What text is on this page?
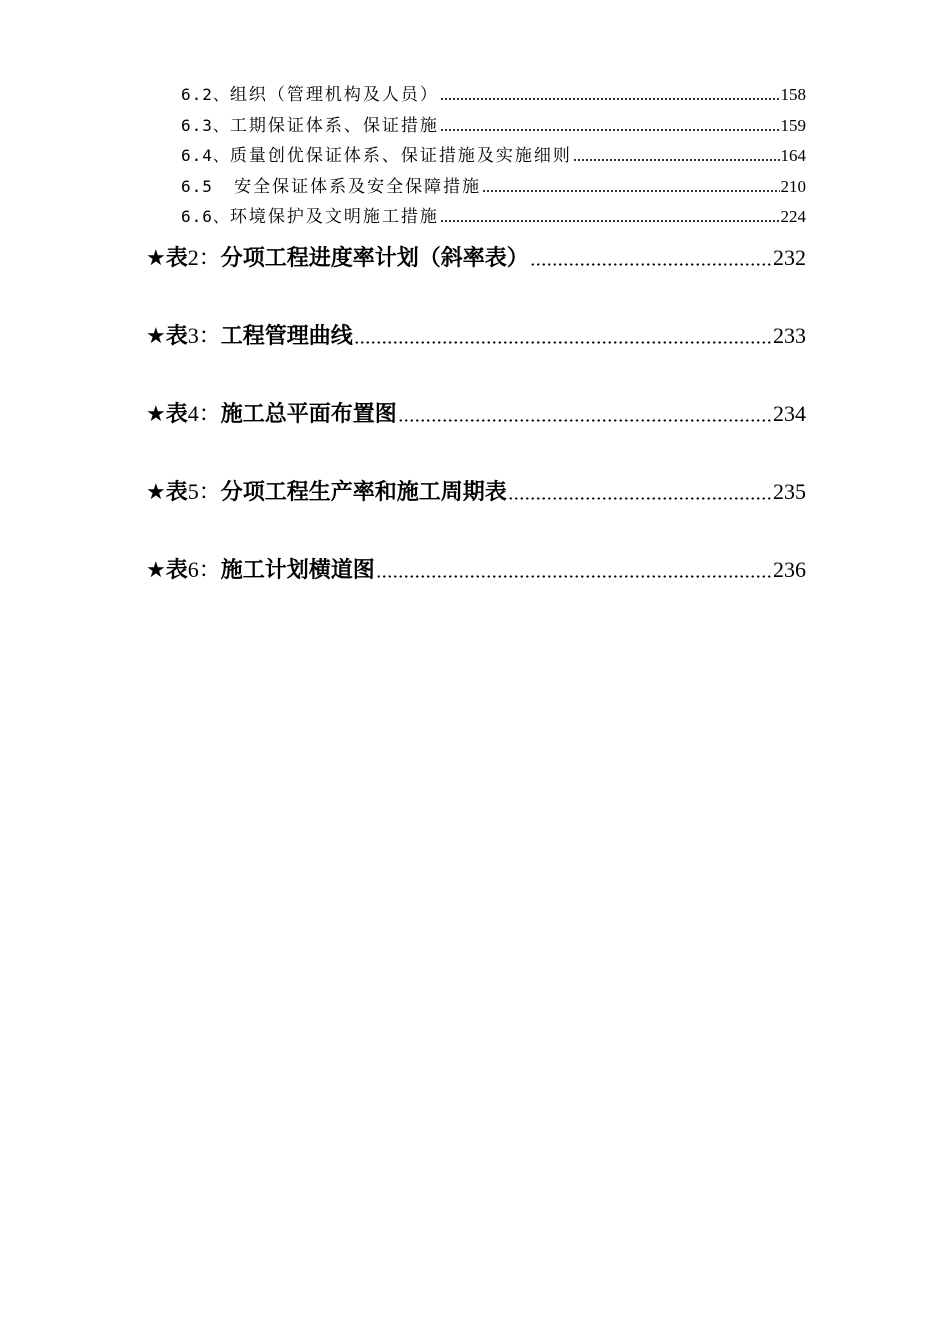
6.2、 组织（管理机构及人员）	158
6.3、 工期保证体系、保证措施	159
6.4、 质量创优保证体系、保证措施及实施细则	164
6.5 安全保证体系及安全保障措施	210
6.6、 环境保护及文明施工措施	224
★ 表 2： 分项工程进度率计划（斜率表）	232
★ 表 3： 工程管理曲线	233
★ 表 4： 施工总平面布置图	234
★ 表 5： 分项工程生产率和施工周期表	235
★ 表 6： 施工计划横道图	236
